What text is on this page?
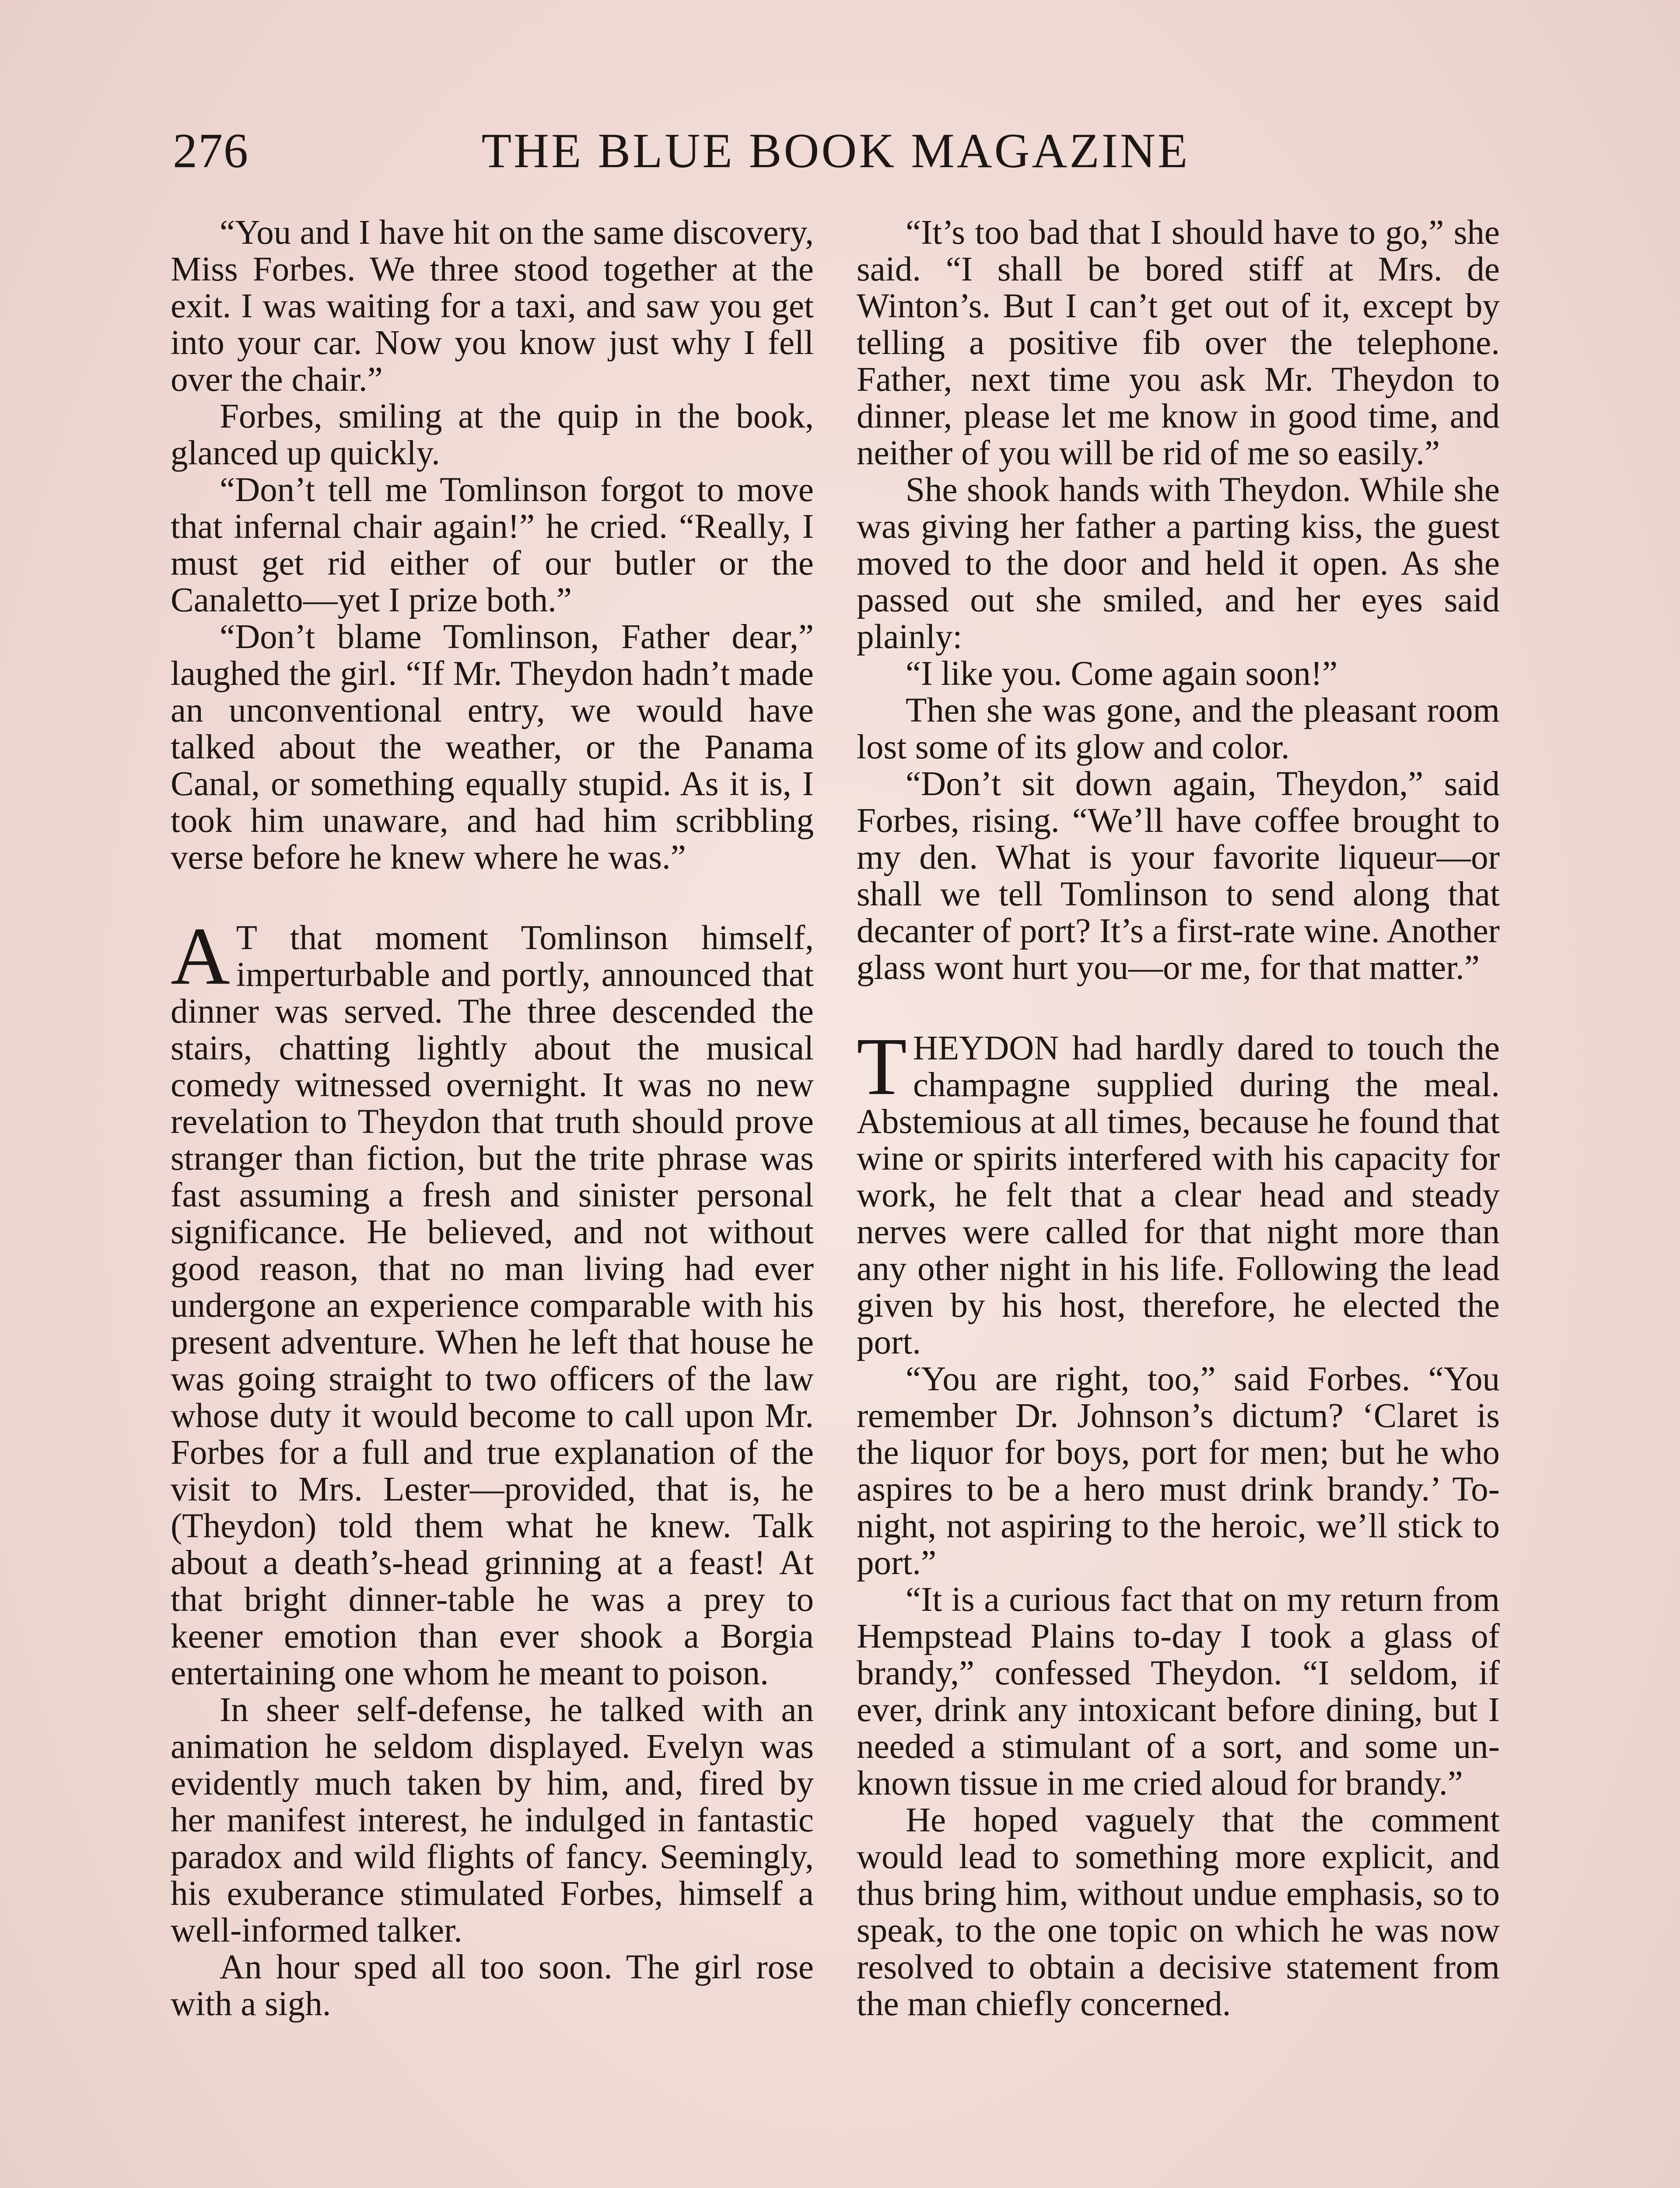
276	THE BLUE BOOK MAGAZINE

“You and I have hit on the same discovery, Miss Forbes. We three stood together at the exit. I was waiting for a taxi, and saw you get into your car. Now you know just why I fell over the chair.”

Forbes, smiling at the quip in the book, glanced up quickly.

“Don’t tell me Tomlinson forgot to move that infernal chair again!” he cried. “Really, I must get rid either of our butler or the Canaletto—yet I prize both.”

“Don’t blame Tomlinson, Father dear,” laughed the girl. “If Mr. Theydon hadn’t made an unconventional entry, we would have talked about the weather, or the Panama Canal, or something equally stupid. As it is, I took him unaware, and had him scribbling verse before he knew where he was.”

A T that moment Tomlinson himself, imperturbable and portly, announced that dinner was served. The three descended the stairs, chatting lightly about the musical comedy witnessed overnight. It was no new revelation to Theydon that truth should prove stranger than fiction, but the trite phrase was fast assuming a fresh and sinister personal significance. He believed, and not without good reason, that no man living had ever undergone an experience comparable with his present adventure. When he left that house he was going straight to two officers of the law whose duty it would become to call upon Mr. Forbes for a full and true explanation of the visit to Mrs. Lester—provided, that is, he (Theydon) told them what he knew. Talk about a death’s-head grinning at a feast! At that bright dinner-table he was a prey to keener emotion than ever shook a Borgia entertaining one whom he meant to poison.

In sheer self-defense, he talked with an animation he seldom displayed. Evelyn was evidently much taken by him, and, fired by her manifest interest, he indulged in fantastic paradox and wild flights of fancy. Seemingly, his exuberance stimulated Forbes, himself a well-informed talker.

An hour sped all too soon. The girl rose with a sigh.

“It’s too bad that I should have to go,” she said. “I shall be bored stiff at Mrs. de Winton’s. But I can’t get out of it, except by telling a positive fib over the telephone. Father, next time you ask Mr. Theydon to dinner, please let me know in good time, and neither of you will be rid of me so easily.”

She shook hands with Theydon. While she was giving her father a parting kiss, the guest moved to the door and held it open. As she passed out she smiled, and her eyes said plainly:

“I like you. Come again soon!”

Then she was gone, and the pleasant room lost some of its glow and color.

“Don’t sit down again, Theydon,” said Forbes, rising. “We’ll have coffee brought to my den. What is your favorite liqueur—or shall we tell Tomlinson to send along that decanter of port? It’s a first-rate wine. Another glass wont hurt you—or me, for that matter.”

THEYDON had hardly dared to touch the champagne supplied during the meal. Abstemious at all times, because he found that wine or spirits interfered with his capacity for work, he felt that a clear head and steady nerves were called for that night more than any other night in his life. Following the lead given by his host, therefore, he elected the port.

“You are right, too,” said Forbes. “You remember Dr. Johnson’s dictum? ‘Claret is the liquor for boys, port for men; but he who aspires to be a hero must drink brandy.’ To-night, not aspiring to the heroic, we’ll stick to port.”

“It is a curious fact that on my return from Hempstead Plains to-day I took a glass of brandy,” confessed Theydon. “I seldom, if ever, drink any intoxicant before dining, but I needed a stimulant of a sort, and some unknown tissue in me cried aloud for brandy.”

He hoped vaguely that the comment would lead to something more explicit, and thus bring him, without undue emphasis, so to speak, to the one topic on which he was now resolved to obtain a decisive statement from the man chiefly concerned.
